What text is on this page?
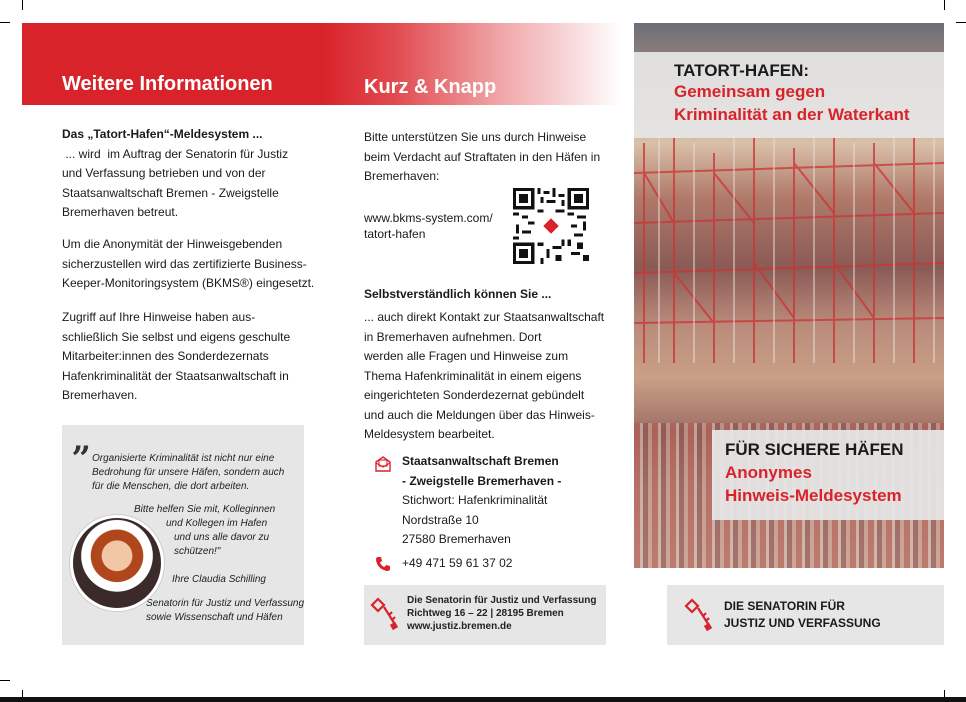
Weitere Informationen	Kurz & Knapp

Das „Tatort-Hafen“-Meldesystem ...

... wird  im Auftrag der Senatorin für Justiz

und Verfassung betrieben und von der

Staatsanwaltschaft Bremen - Zweigstelle

Bremerhaven betreut.

Um die Anonymität der Hinweisgebenden

sicherzustellen wird das zertifizierte Business-

Keeper-Monitoringsystem (BKMS®) eingesetzt.

Zugriff auf Ihre Hinweise haben aus-

schließlich Sie selbst und eigens geschulte

Mitarbeiter:innen des Sonderdezernats

Hafenkriminalität der Staatsanwaltschaft in

Bremerhaven.

„ Organisierte Kriminalität ist nicht nur eine
Bedrohung für unsere Häfen, sondern auch
für die Menschen, die dort arbeiten.
Bitte helfen Sie mit, Kolleginnen
und Kollegen im Hafen
und uns alle davor zu
schützen!"
Ihre Claudia Schilling
Senatorin für Justiz und Verfassung
sowie Wissenschaft und Häfen

Bitte unterstützen Sie uns durch Hinweise

beim Verdacht auf Straftaten in den Häfen in

Bremerhaven:

www.bkms-system.com/
tatort-hafen
Selbstverständlich können Sie ...

... auch direkt Kontakt zur Staatsanwaltschaft

in Bremerhaven aufnehmen. Dort

werden alle Fragen und Hinweise zum

Thema Hafenkriminalität in einem eigens

eingerichteten Sonderdezernat gebündelt

und auch die Meldungen über das Hinweis-

Meldesystem bearbeitet.

Staatsanwaltschaft Bremen

- Zweigstelle Bremerhaven -

Stichwort: Hafenkriminalität

Nordstraße 10

27580 Bremerhaven

+49 471 59 61 37 02
Die Senatorin für Justiz und Verfassung
Richtweg 16 – 22 | 28195 Bremen
www.justiz.bremen.de
TATORT-HAFEN:
Gemeinsam gegen
Kriminalität an der Waterkant
FÜR SICHERE HÄFEN
Anonymes
Hinweis-Meldesystem
DIE SENATORIN FÜR
JUSTIZ UND VERFASSUNG
